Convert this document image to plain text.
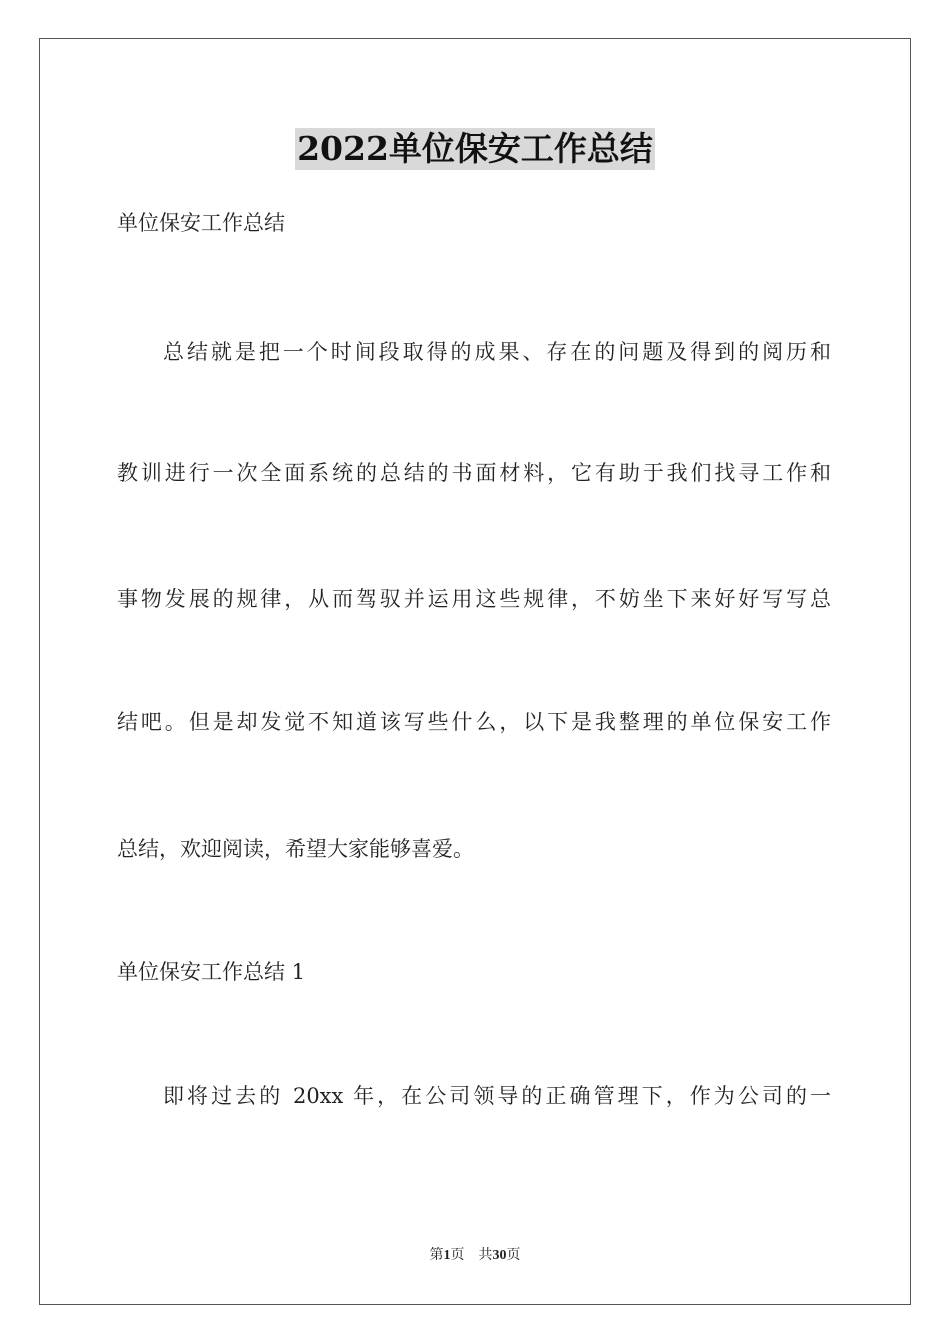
2022单位保安工作总结
单位保安工作总结
总结就是把一个时间段取得的成果、存在的问题及得到的阅历和
教训进行一次全面系统的总结的书面材料，它有助于我们找寻工作和
事物发展的规律，从而驾驭并运用这些规律，不妨坐下来好好写写总
结吧。但是却发觉不知道该写些什么，以下是我整理的单位保安工作
总结，欢迎阅读，希望大家能够喜爱。
单位保安工作总结 1
即将过去的 20xx 年，在公司领导的正确管理下，作为公司的一
第1页 共30页
